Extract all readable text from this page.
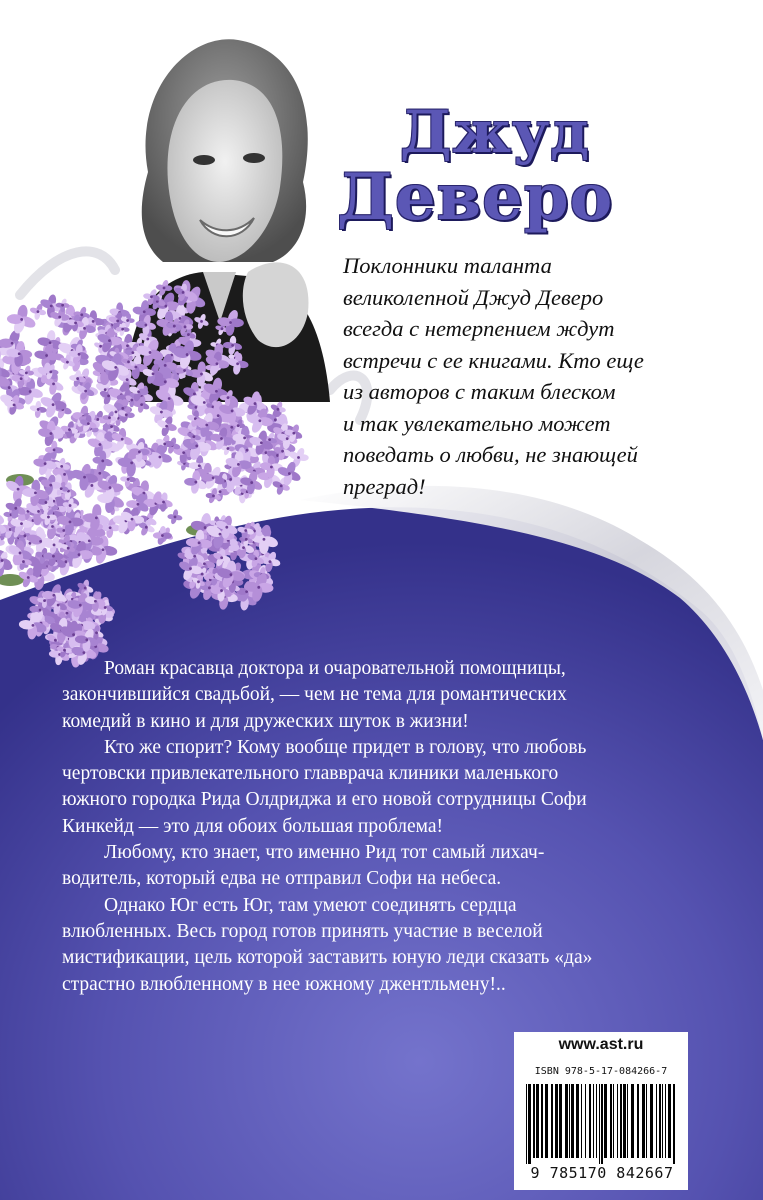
Джуд
Деверо
Поклонники таланта
великолепной Джуд Деверо
всегда с нетерпением ждут
встречи с ее книгами. Кто еще
из авторов с таким блеском
и так увлекательно может
поведать о любви, не знающей
преград!
Роман красавца доктора и очаровательной помощницы,
закончившийся свадьбой, — чем не тема для романтических
комедий в кино и для дружеских шуток в жизни!
Кто же спорит? Кому вообще придет в голову, что любовь
чертовски привлекательного главврача клиники маленького
южного городка Рида Олдриджа и его новой сотрудницы Софи
Кинкейд — это для обоих большая проблема!
Любому, кто знает, что именно Рид тот самый лихач-
водитель, который едва не отправил Софи на небеса.
Однако Юг есть Юг, там умеют соединять сердца
влюбленных. Весь город готов принять участие в веселой
мистификации, цель которой заставить юную леди сказать «да»
страстно влюбленному в нее южному джентльмену!..
www.ast.ru
ISBN 978-5-17-084266-7
9 785170 842667
